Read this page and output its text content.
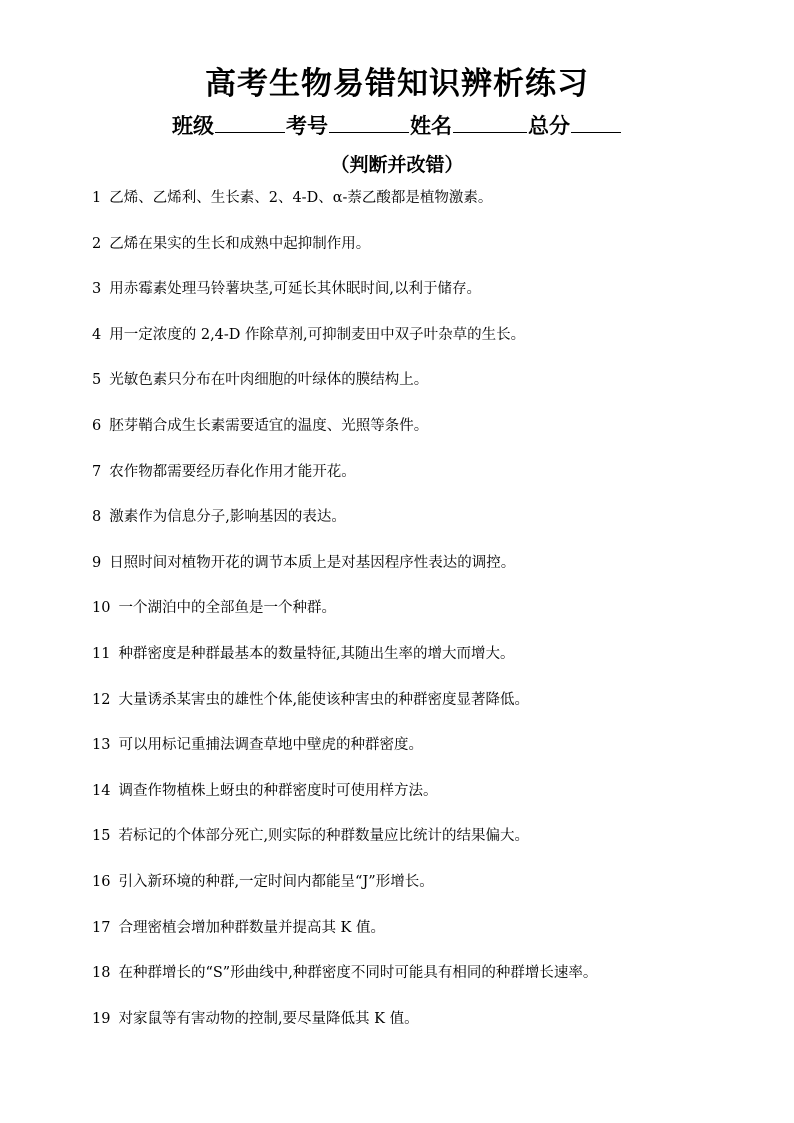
高考生物易错知识辨析练习
班级	考号	姓名	总分
（判断并改错）
1 乙烯、乙烯利、生长素、2、4-D、α-萘乙酸都是植物激素。
2 乙烯在果实的生长和成熟中起抑制作用。
3 用赤霉素处理马铃薯块茎,可延长其休眠时间,以利于储存。
4 用一定浓度的 2,4-D 作除草剂,可抑制麦田中双子叶杂草的生长。
5 光敏色素只分布在叶肉细胞的叶绿体的膜结构上。
6 胚芽鞘合成生长素需要适宜的温度、光照等条件。
7 农作物都需要经历春化作用才能开花。
8 激素作为信息分子,影响基因的表达。
9 日照时间对植物开花的调节本质上是对基因程序性表达的调控。
10 一个湖泊中的全部鱼是一个种群。
11 种群密度是种群最基本的数量特征,其随出生率的增大而增大。
12 大量诱杀某害虫的雄性个体,能使该种害虫的种群密度显著降低。
13 可以用标记重捕法调查草地中壁虎的种群密度。
14 调查作物植株上蚜虫的种群密度时可使用样方法。
15 若标记的个体部分死亡,则实际的种群数量应比统计的结果偏大。
16 引入新环境的种群,一定时间内都能呈“J”形增长。
17 合理密植会增加种群数量并提高其 K 值。
18 在种群增长的“S”形曲线中,种群密度不同时可能具有相同的种群增长速率。
19 对家鼠等有害动物的控制,要尽量降低其 K 值。
